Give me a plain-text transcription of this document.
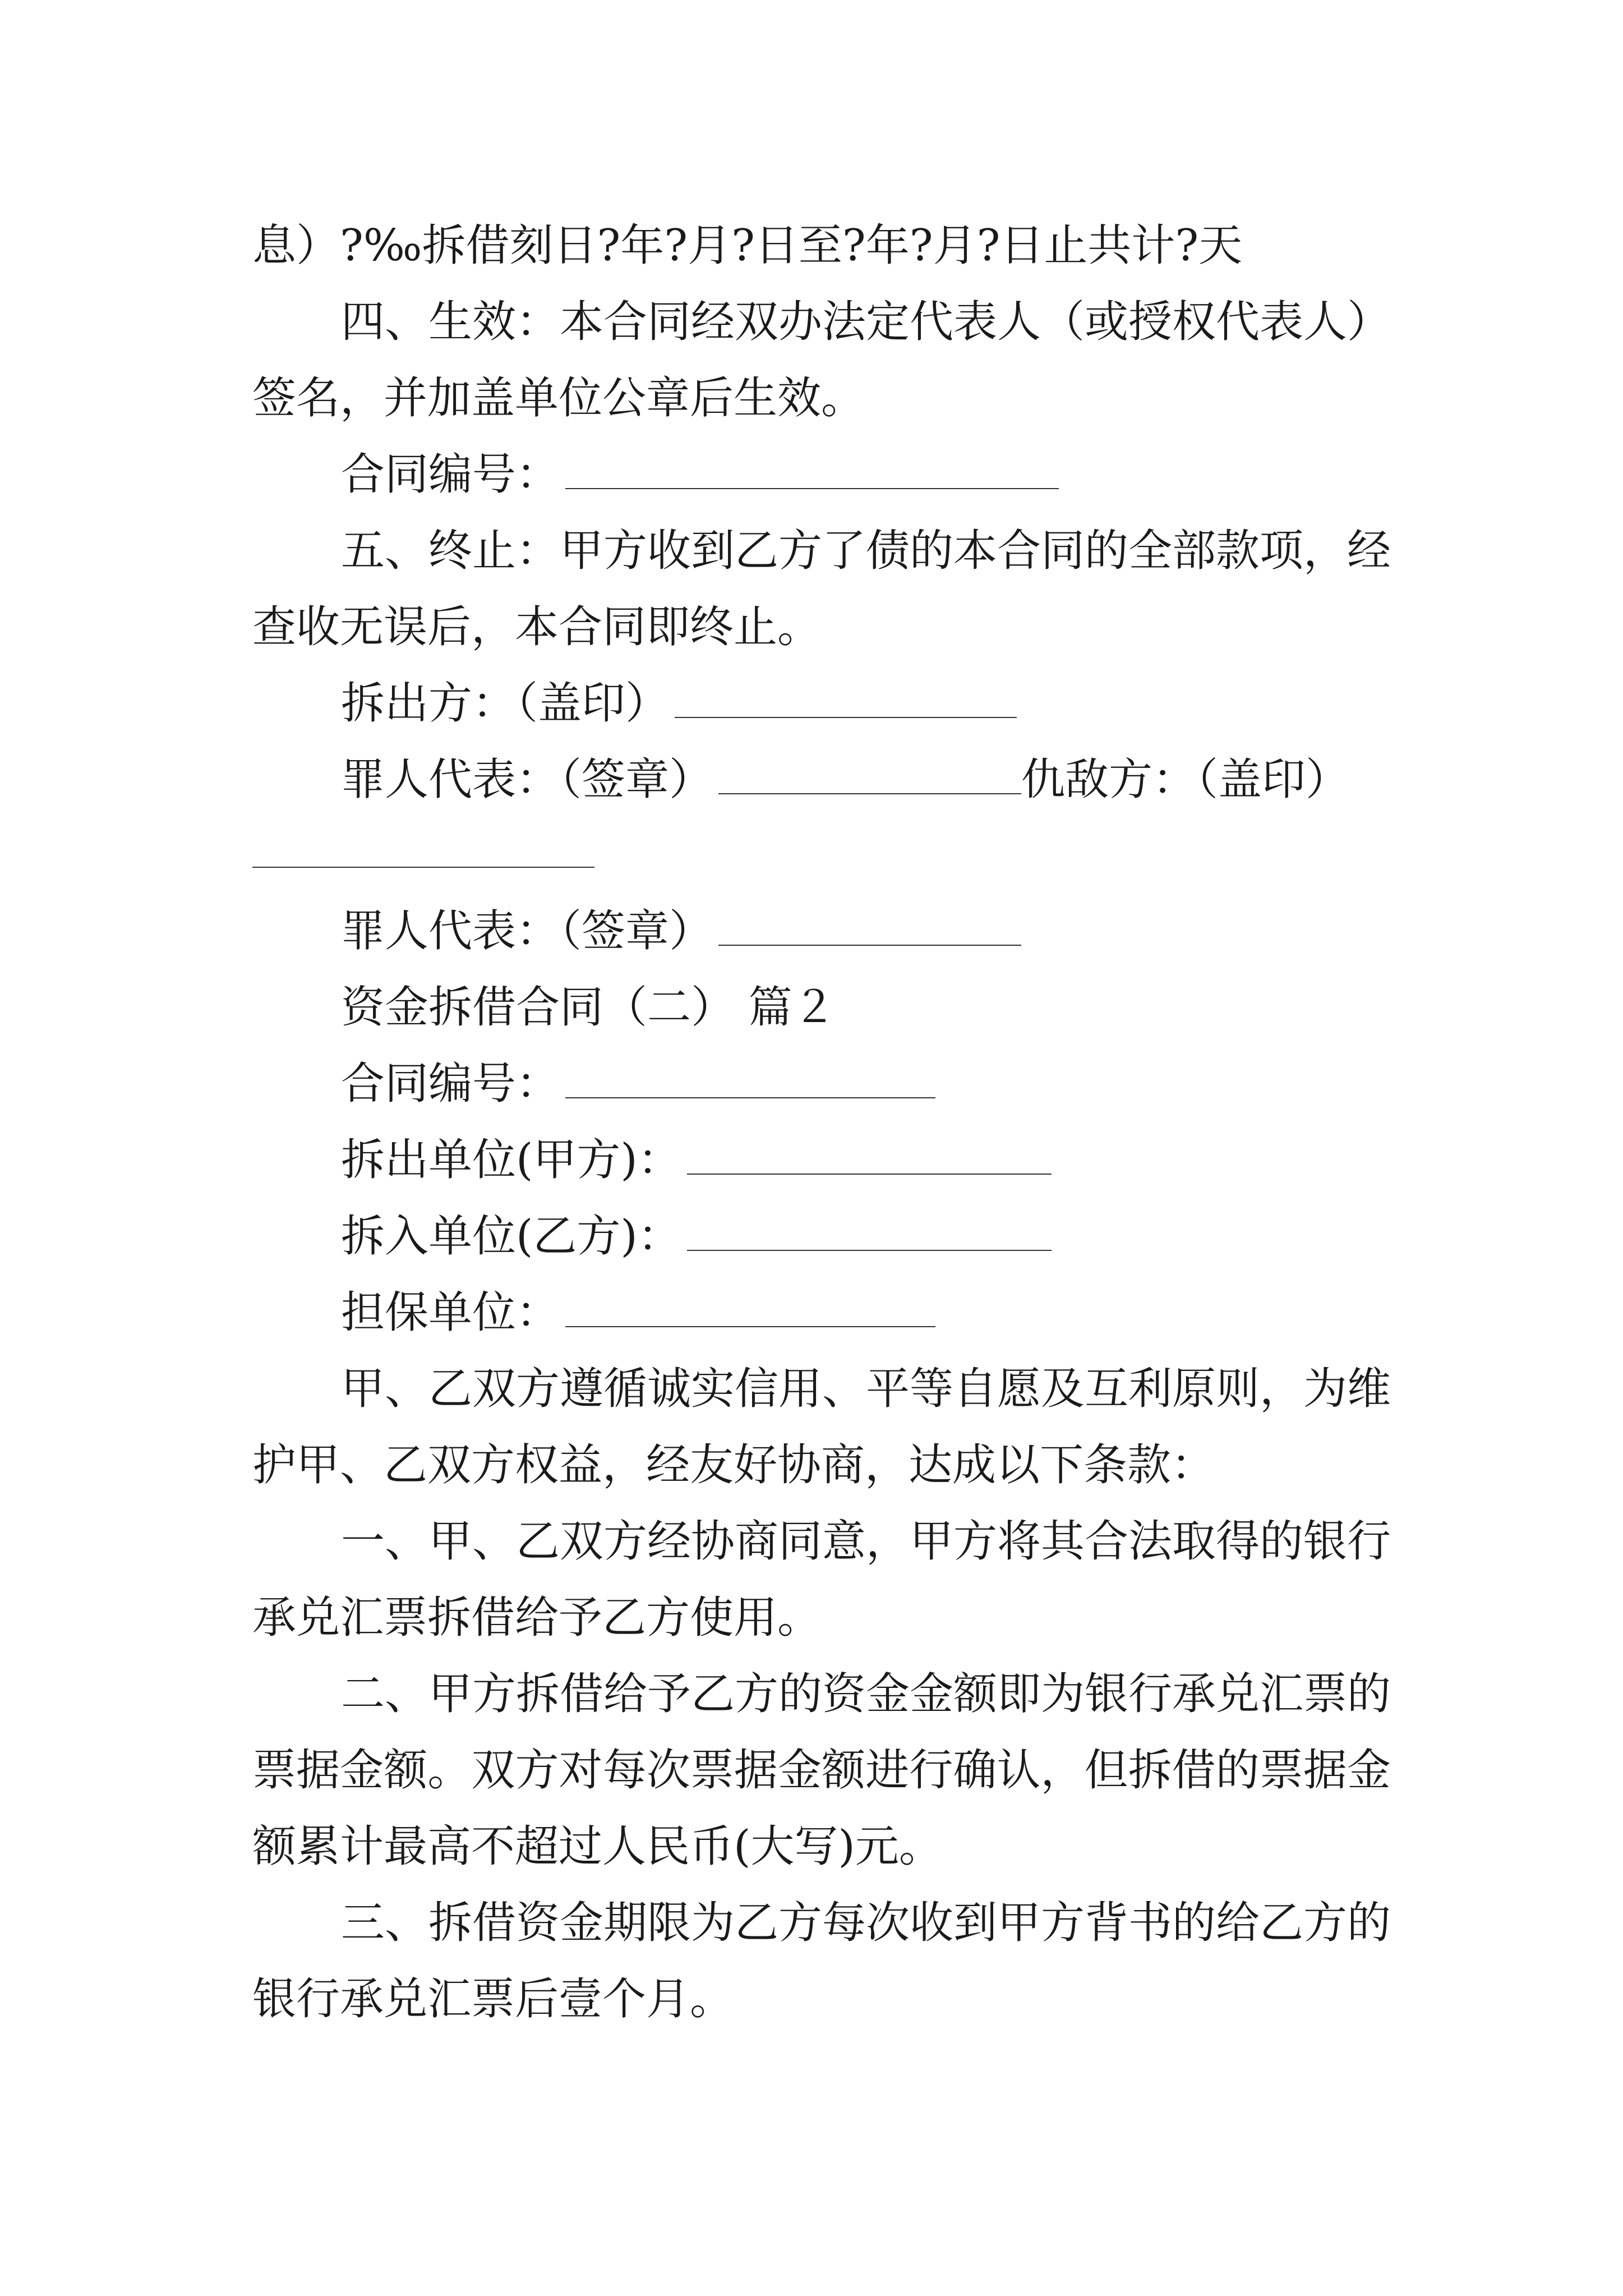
息）?‰拆借刻日?年?月?日至?年?月?日止共计?天

四、生效：本合同经双办法定代表人（或授权代表人）签名，并加盖单位公章后生效。

合同编号：

五、终止：甲方收到乙方了债的本合同的全部款项，经查收无误后，本合同即终止。

拆出方：（盖印）

罪人代表：（签章）	仇敌方：（盖印）

罪人代表：（签章）

资金拆借合同（二） 篇２

合同编号：

拆出单位(甲方)：

拆入单位(乙方)：

担保单位：

甲、乙双方遵循诚实信用、平等自愿及互利原则，为维护甲、乙双方权益，经友好协商，达成以下条款：

一、甲、乙双方经协商同意，甲方将其合法取得的银行承兑汇票拆借给予乙方使用。

二、甲方拆借给予乙方的资金金额即为银行承兑汇票的票据金额。双方对每次票据金额进行确认，但拆借的票据金额累计最高不超过人民币(大写)元。

三、拆借资金期限为乙方每次收到甲方背书的给乙方的银行承兑汇票后壹个月。
